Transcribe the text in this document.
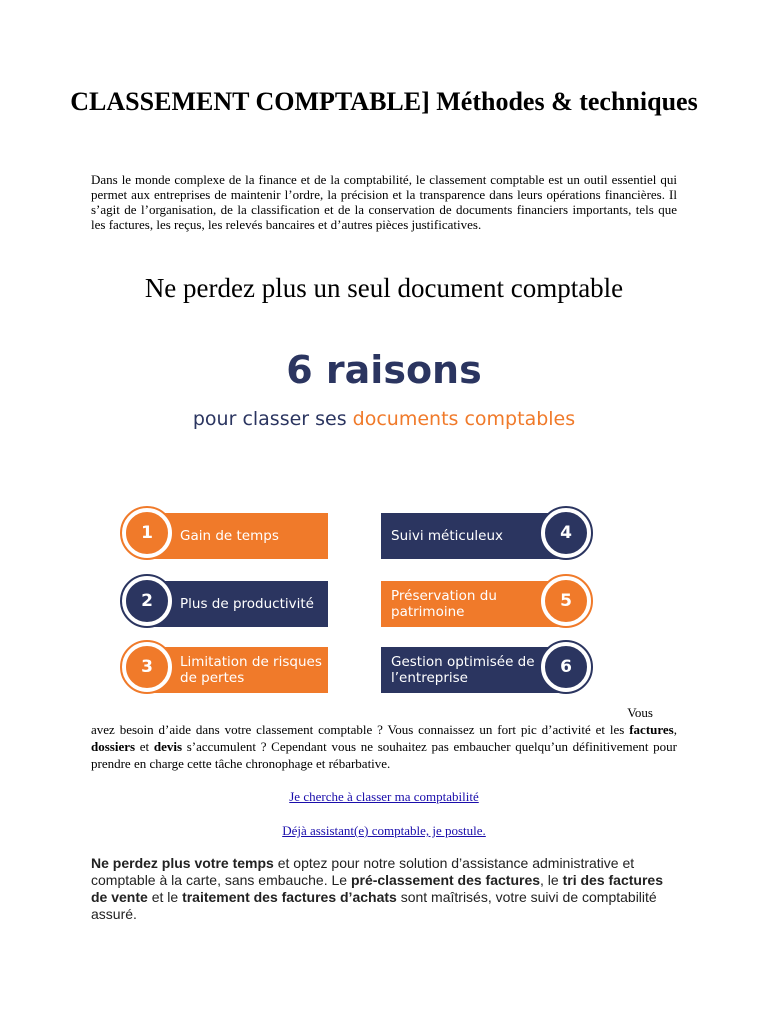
CLASSEMENT COMPTABLE] Méthodes & techniques
Dans le monde complexe de la finance et de la comptabilité, le classement comptable est un outil essentiel qui permet aux entreprises de maintenir l’ordre, la précision et la transparence dans leurs opérations financières. Il s’agit de l’organisation, de la classification et de la conservation de documents financiers importants, tels que les factures, les reçus, les relevés bancaires et d’autres pièces justificatives.
Ne perdez plus un seul document comptable
6 raisons
pour classer ses documents comptables
Gain de temps
1
Plus de productivité
2
Limitation de risques de pertes
3
Suivi méticuleux	4
Préservation du patrimoine
5
Gestion optimisée de l’entreprise
6
Vous
avez besoin d’aide dans votre classement comptable ? Vous connaissez un fort pic d’activité et les factures, dossiers et devis s’accumulent ? Cependant vous ne souhaitez pas embaucher quelqu’un définitivement pour prendre en charge cette tâche chronophage et rébarbative.
Je cherche à classer ma comptabilité
Déjà assistant(e) comptable, je postule.
Ne perdez plus votre temps et optez pour notre solution d’assistance administrative et comptable à la carte, sans embauche. Le pré-classement des factures, le tri des factures de vente et le traitement des factures d’achats sont maîtrisés, votre suivi de comptabilité assuré.
